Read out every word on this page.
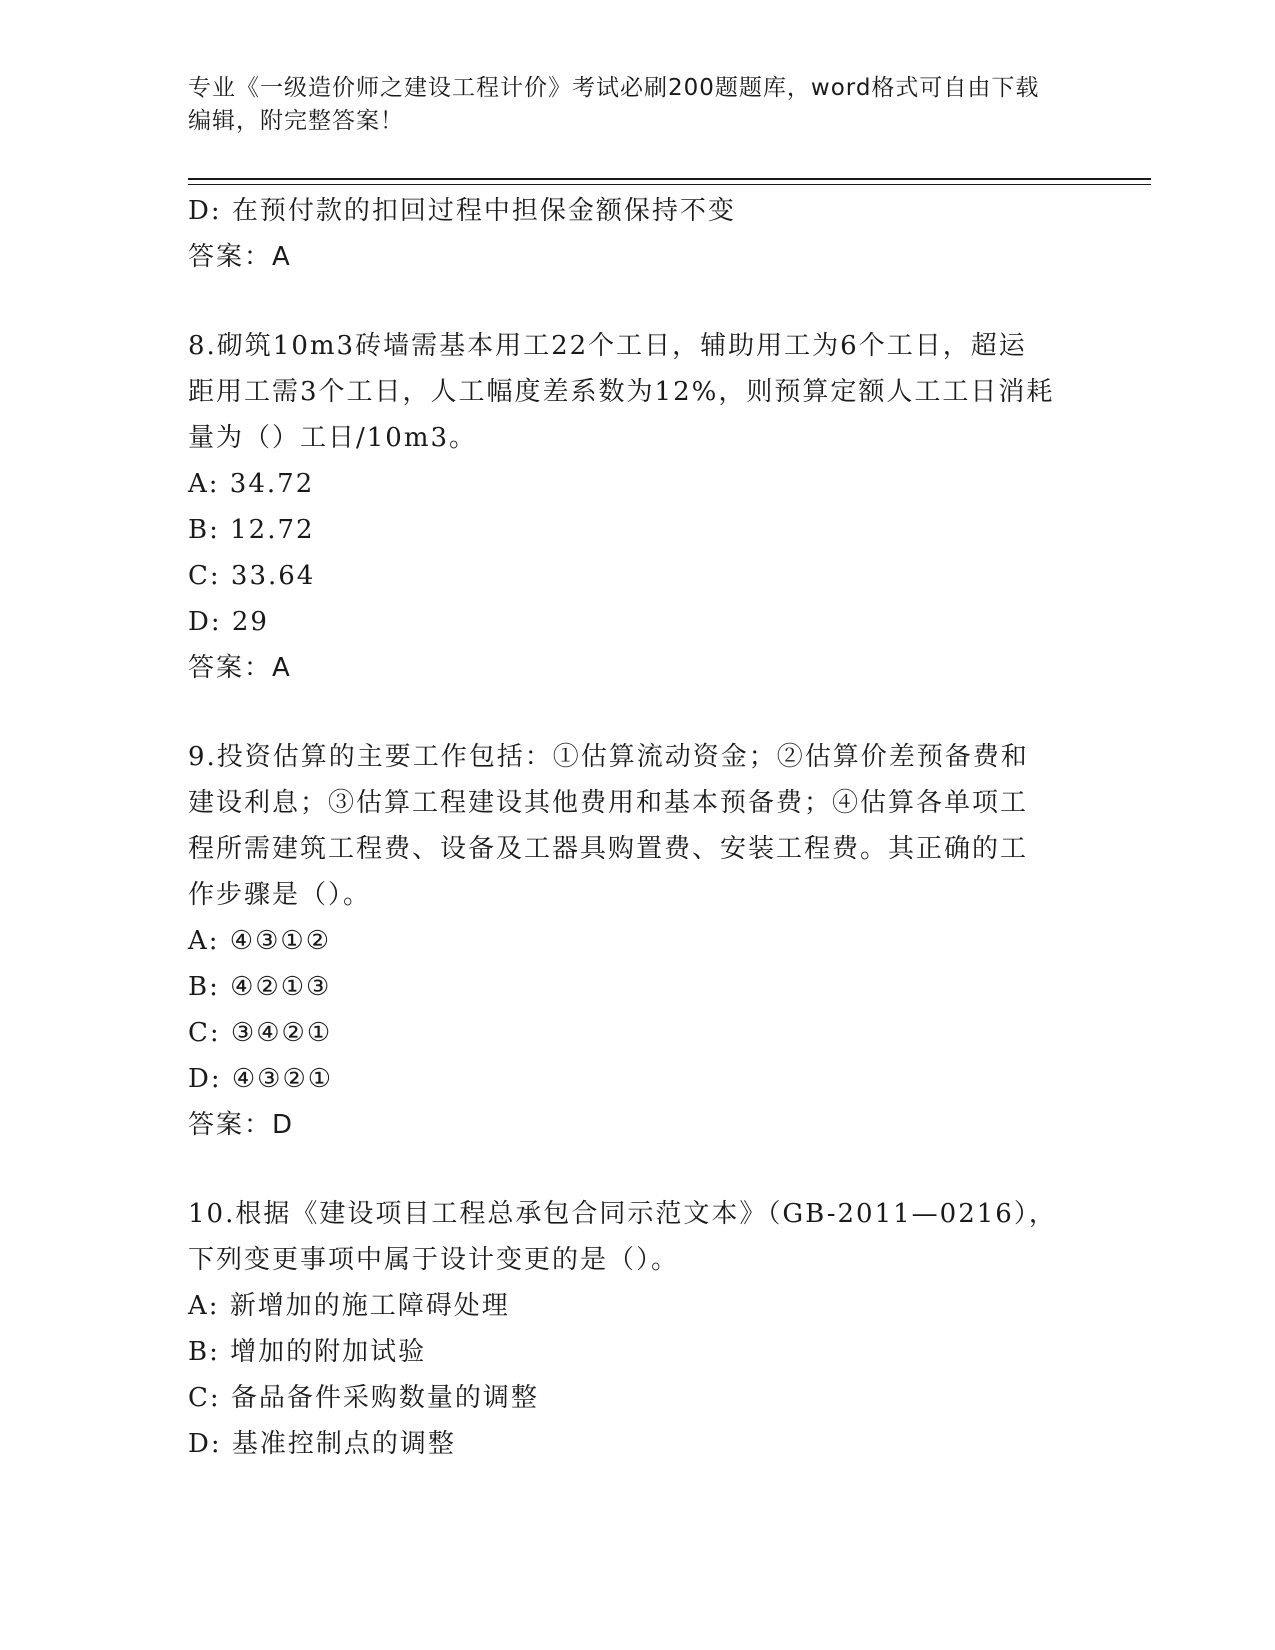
专业《一级造价师之建设工程计价》考试必刷200题题库，word格式可自由下载
编辑，附完整答案！
D: 在预付款的扣回过程中担保金额保持不变
答案：A
8.砌筑10m3砖墙需基本用工22个工日，辅助用工为6个工日，超运
距用工需3个工日，人工幅度差系数为12%，则预算定额人工工日消耗
量为（）工日/10m3。
A: 34.72
B: 12.72
C: 33.64
D: 29
答案：A
9.投资估算的主要工作包括：①估算流动资金；②估算价差预备费和
建设利息；③估算工程建设其他费用和基本预备费；④估算各单项工
程所需建筑工程费、设备及工器具购置费、安装工程费。其正确的工
作步骤是（）。
A: ④③①②
B: ④②①③
C: ③④②①
D: ④③②①
答案：D
10.根据《建设项目工程总承包合同示范文本》（GB-2011—0216），
下列变更事项中属于设计变更的是（）。
A: 新增加的施工障碍处理
B: 增加的附加试验
C: 备品备件采购数量的调整
D: 基准控制点的调整
